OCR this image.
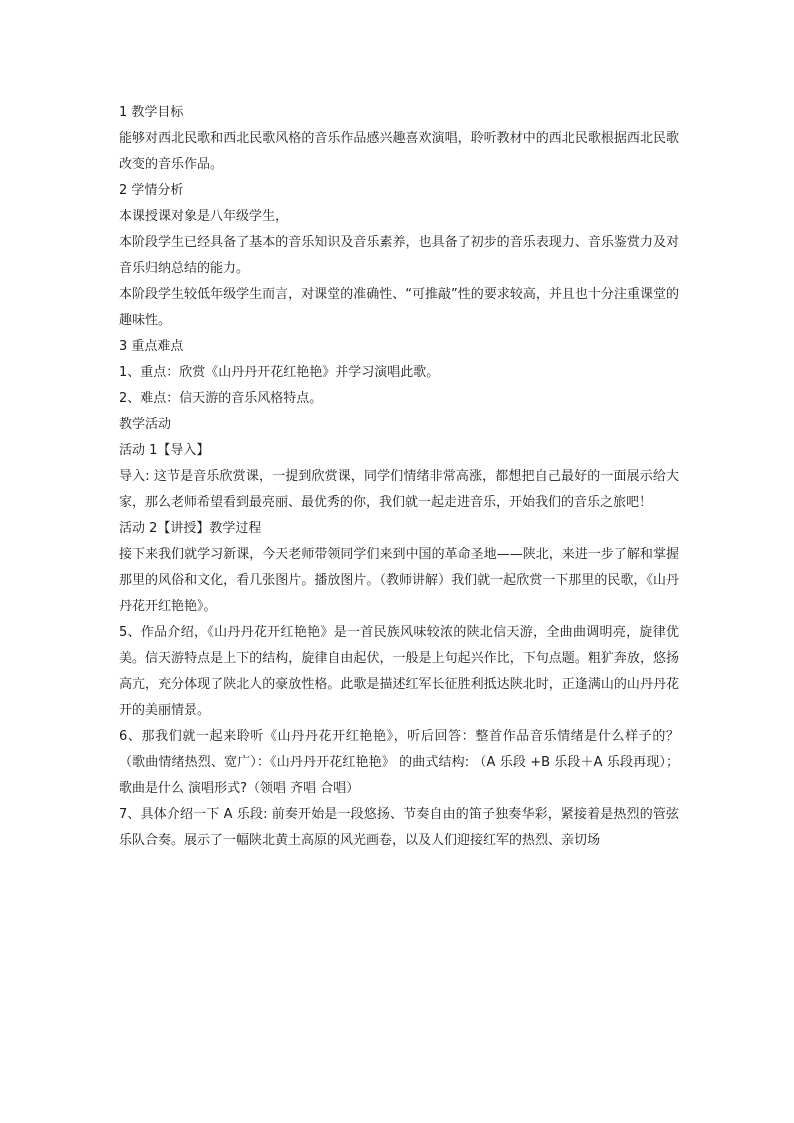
1 教学目标

能够对西北民歌和西北民歌风格的音乐作品感兴趣喜欢演唱，聆听教材中的西北民歌根据西北民歌改变的音乐作品。

2 学情分析

本课授课对象是八年级学生，

本阶段学生已经具备了基本的音乐知识及音乐素养，也具备了初步的音乐表现力、音乐鉴赏力及对音乐归纳总结的能力。

本阶段学生较低年级学生而言，对课堂的准确性、“可推敲”性的要求较高，并且也十分注重课堂的趣味性。

3 重点难点

1、重点：欣赏《山丹丹开花红艳艳》并学习演唱此歌。

2、难点：信天游的音乐风格特点。

教学活动

活动 1【导入】

导入: 这节是音乐欣赏课，一提到欣赏课，同学们情绪非常高涨，都想把自己最好的一面展示给大家，那么老师希望看到最亮丽、最优秀的你，我们就一起走进音乐，开始我们的音乐之旅吧！

活动 2【讲授】教学过程

接下来我们就学习新课，今天老师带领同学们来到中国的革命圣地——陕北，来进一步了解和掌握那里的风俗和文化，看几张图片。播放图片。（教师讲解）我们就一起欣赏一下那里的民歌，《山丹丹花开红艳艳》。

5、作品介绍，《山丹丹花开红艳艳》是一首民族风味较浓的陕北信天游，全曲曲调明亮，旋律优美。信天游特点是上下的结构，旋律自由起伏，一般是上句起兴作比，下句点题。粗犷奔放，悠扬高亢，充分体现了陕北人的豪放性格。此歌是描述红军长征胜利抵达陕北时，正逢满山的山丹丹花开的美丽情景。

6、那我们就一起来聆听《山丹丹花开红艳艳》，听后回答：整首作品音乐情绪是什么样子的？（歌曲情绪热烈、宽广）：《山丹丹开花红艳艳》 的曲式结构: （A 乐段 +B 乐段＋A 乐段再现）；歌曲是什么 演唱形式?（领唱 齐唱 合唱）

7、具体介绍一下 A 乐段: 前奏开始是一段悠扬、节奏自由的笛子独奏华彩，紧接着是热烈的管弦乐队合奏。展示了一幅陕北黄土高原的风光画卷，以及人们迎接红军的热烈、亲切场
